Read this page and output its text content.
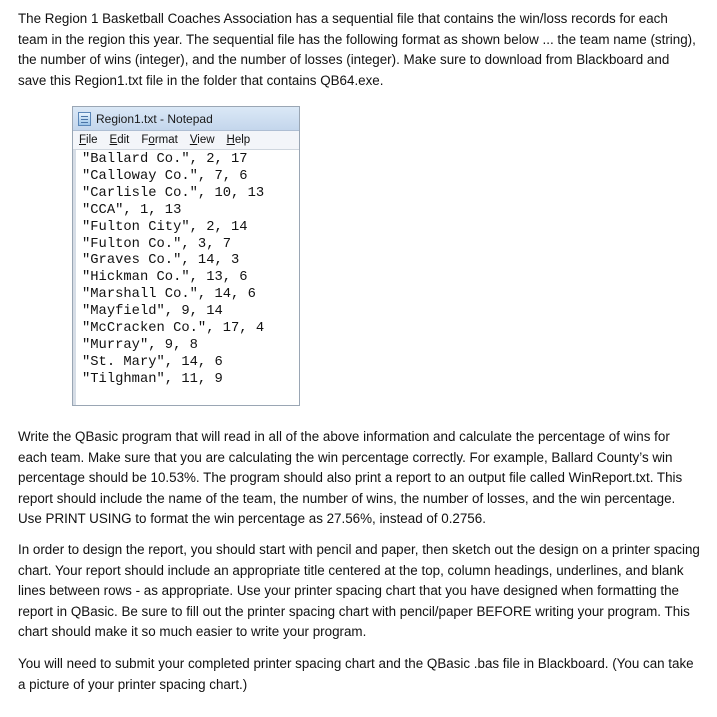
The Region 1 Basketball Coaches Association has a sequential file that contains the win/loss records for each team in the region this year. The sequential file has the following format as shown below ... the team name (string), the number of wins (integer), and the number of losses (integer). Make sure to download from Blackboard and save this Region1.txt file in the folder that contains QB64.exe.

Region1.txt - Notepad
File Edit Format View Help
"Ballard Co.", 2, 17
"Calloway Co.", 7, 6
"Carlisle Co.", 10, 13
"CCA", 1, 13
"Fulton City", 2, 14
"Fulton Co.", 3, 7
"Graves Co.", 14, 3
"Hickman Co.", 13, 6
"Marshall Co.", 14, 6
"Mayfield", 9, 14
"McCracken Co.", 17, 4
"Murray", 9, 8
"St. Mary", 14, 6
"Tilghman", 11, 9

Write the QBasic program that will read in all of the above information and calculate the percentage of wins for each team. Make sure that you are calculating the win percentage correctly. For example, Ballard County’s win percentage should be 10.53%. The program should also print a report to an output file called WinReport.txt. This report should include the name of the team, the number of wins, the number of losses, and the win percentage. Use PRINT USING to format the win percentage as 27.56%, instead of 0.2756.

In order to design the report, you should start with pencil and paper, then sketch out the design on a printer spacing chart. Your report should include an appropriate title centered at the top, column headings, underlines, and blank lines between rows - as appropriate. Use your printer spacing chart that you have designed when formatting the report in QBasic. Be sure to fill out the printer spacing chart with pencil/paper BEFORE writing your program. This chart should make it so much easier to write your program.

You will need to submit your completed printer spacing chart and the QBasic .bas file in Blackboard. (You can take a picture of your printer spacing chart.)
